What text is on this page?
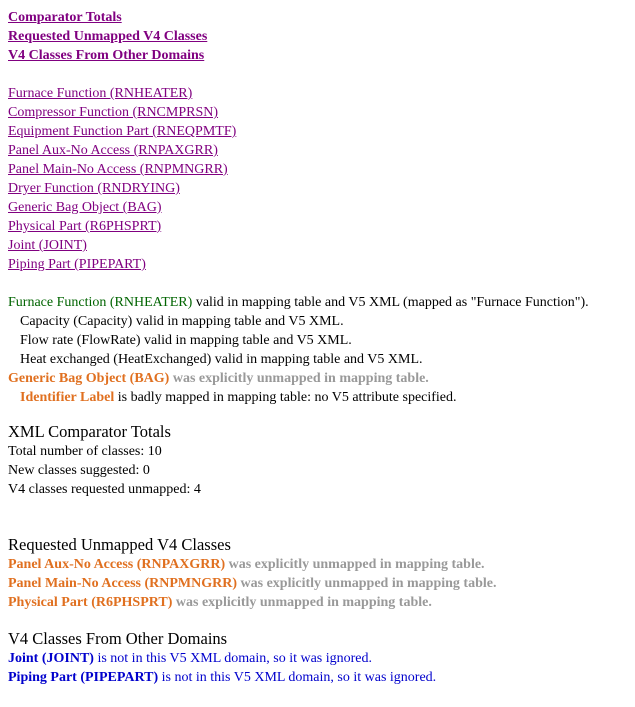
Comparator Totals
Requested Unmapped V4 Classes
V4 Classes From Other Domains
Furnace Function (RNHEATER)
Compressor Function (RNCMPRSN)
Equipment Function Part (RNEQPMTF)
Panel Aux-No Access (RNPAXGRR)
Panel Main-No Access (RNPMNGRR)
Dryer Function (RNDRYING)
Generic Bag Object (BAG)
Physical Part (R6PHSPRT)
Joint (JOINT)
Piping Part (PIPEPART)
Furnace Function (RNHEATER) valid in mapping table and V5 XML (mapped as "Furnace Function").
Capacity (Capacity) valid in mapping table and V5 XML.
Flow rate (FlowRate) valid in mapping table and V5 XML.
Heat exchanged (HeatExchanged) valid in mapping table and V5 XML.
Generic Bag Object (BAG) was explicitly unmapped in mapping table.
Identifier Label is badly mapped in mapping table: no V5 attribute specified.
XML Comparator Totals
Total number of classes: 10
New classes suggested: 0
V4 classes requested unmapped: 4
Requested Unmapped V4 Classes
Panel Aux-No Access (RNPAXGRR) was explicitly unmapped in mapping table.
Panel Main-No Access (RNPMNGRR) was explicitly unmapped in mapping table.
Physical Part (R6PHSPRT) was explicitly unmapped in mapping table.
V4 Classes From Other Domains
Joint (JOINT) is not in this V5 XML domain, so it was ignored.
Piping Part (PIPEPART) is not in this V5 XML domain, so it was ignored.
